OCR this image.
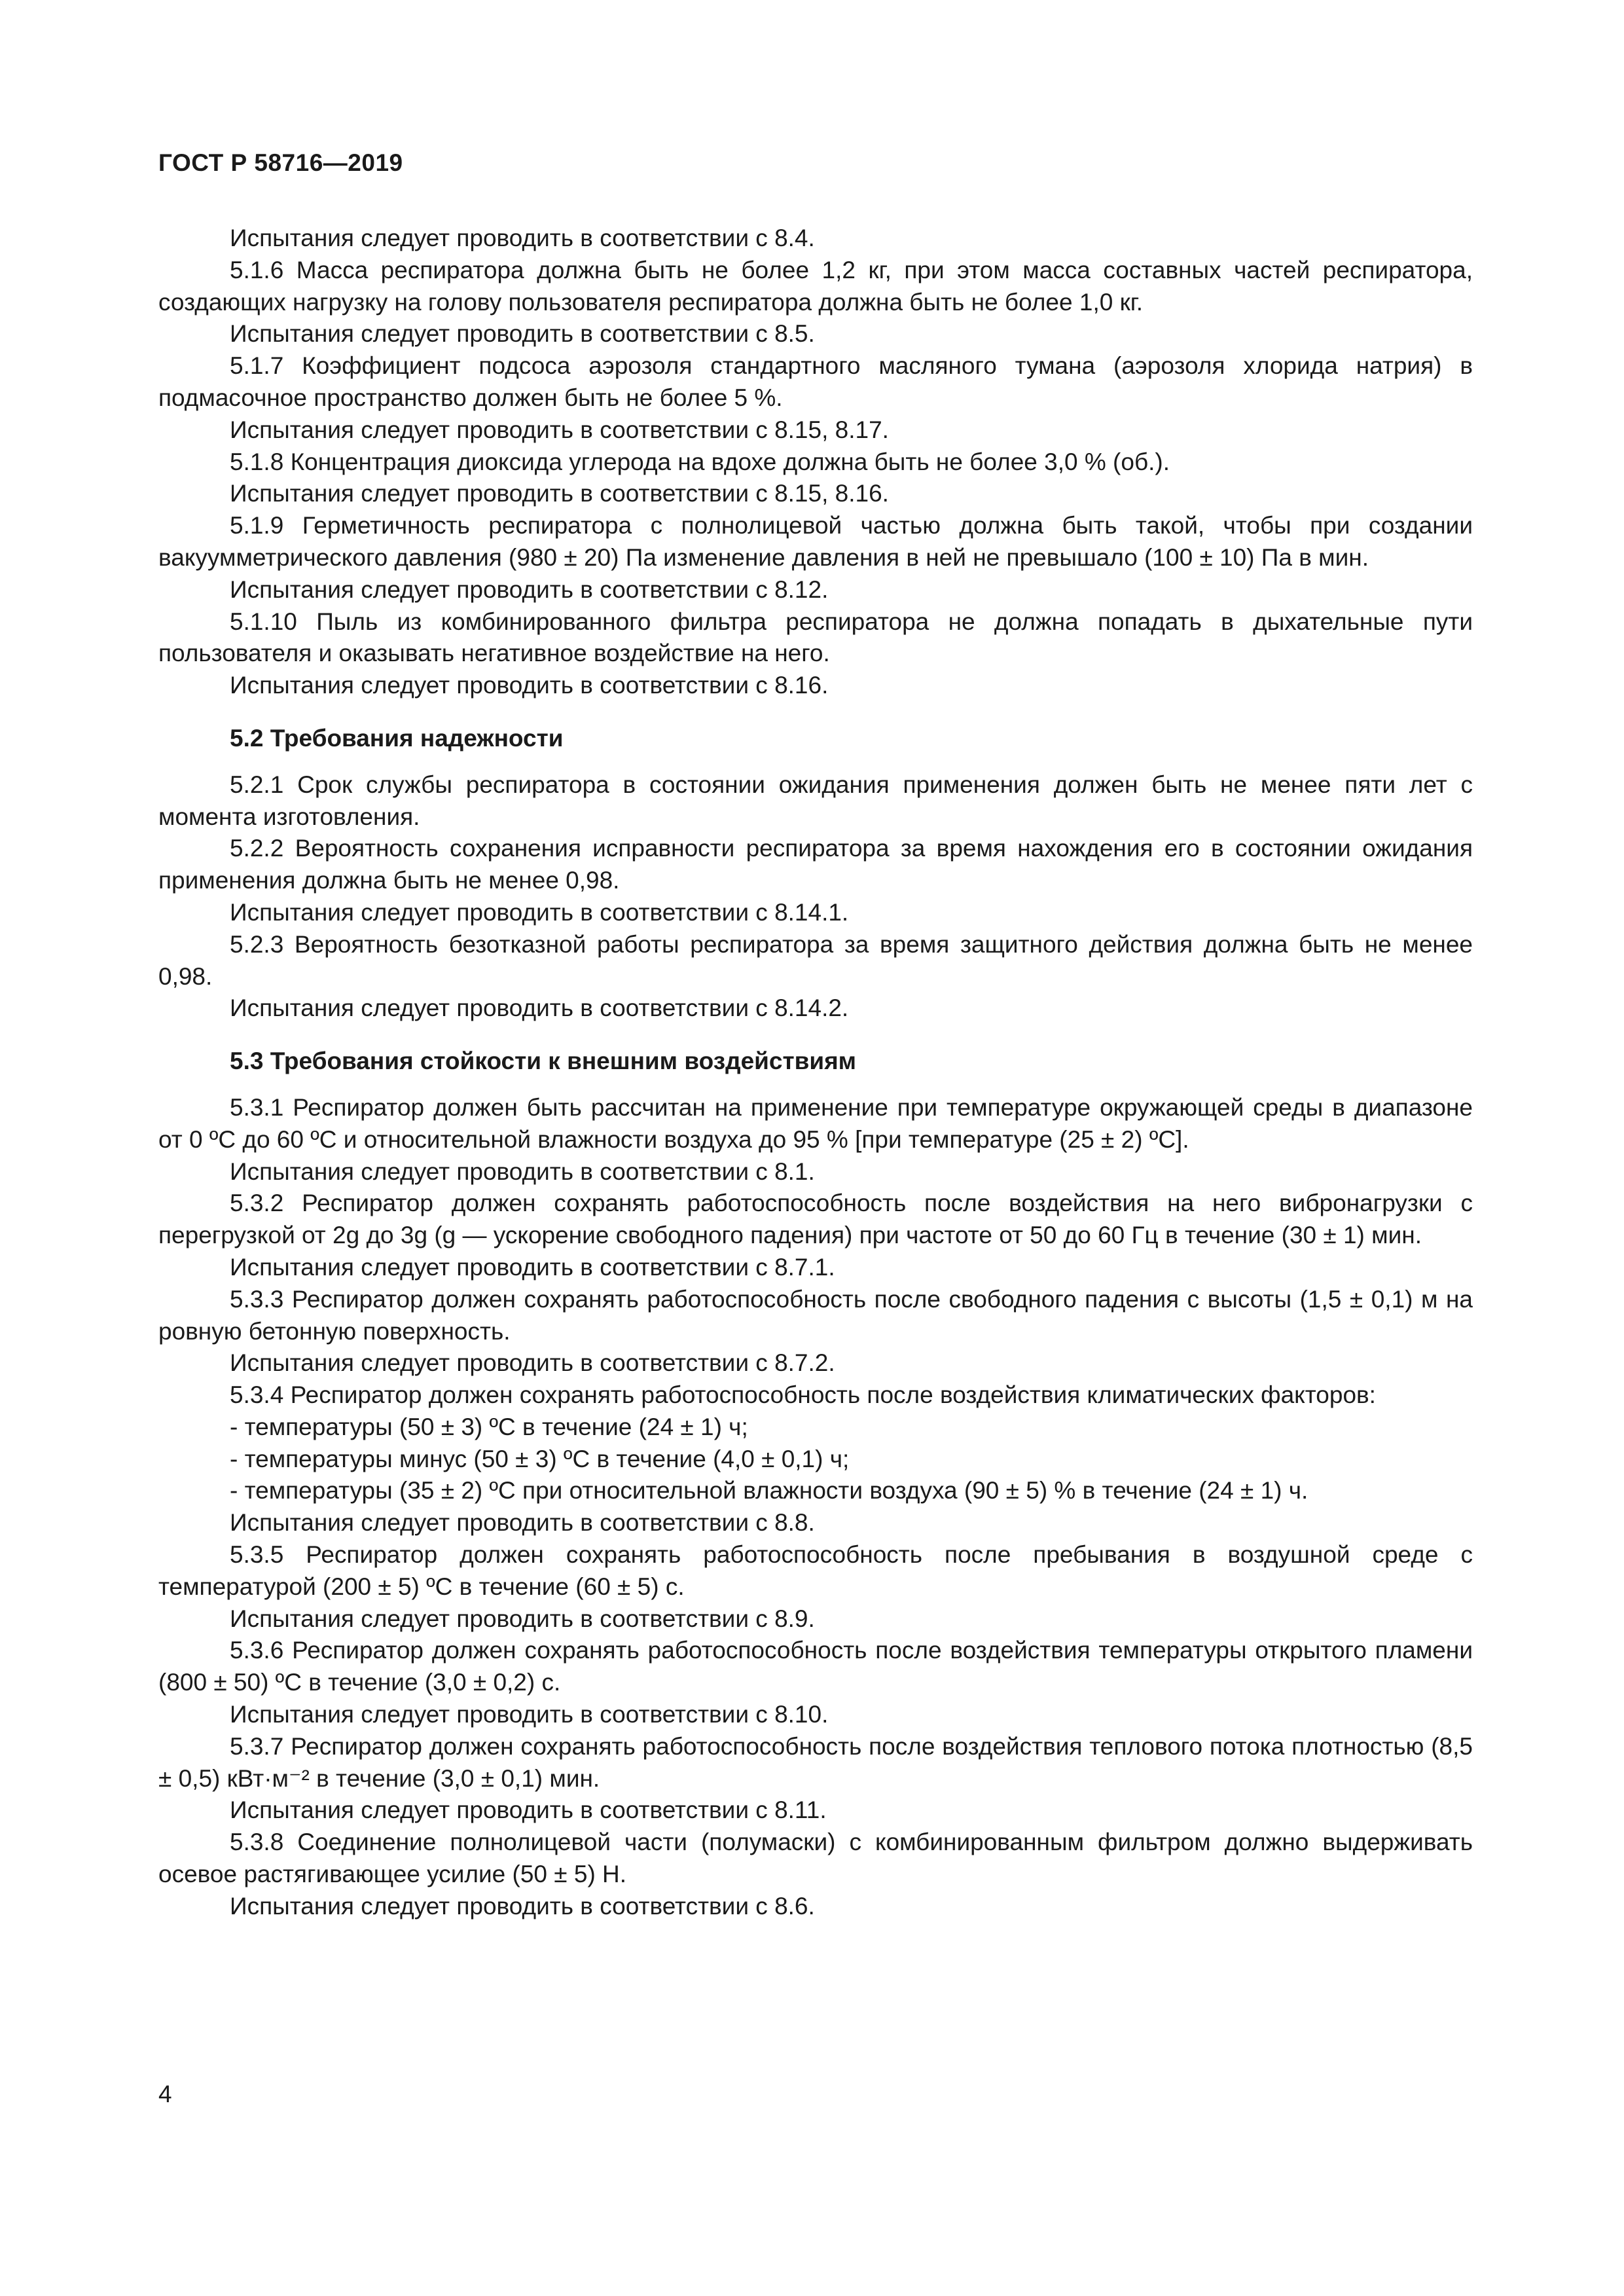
ГОСТ Р 58716—2019

Испытания следует проводить в соответствии с 8.4.

5.1.6 Масса респиратора должна быть не более 1,2 кг, при этом масса составных частей респиратора, создающих нагрузку на голову пользователя респиратора должна быть не более 1,0 кг.

Испытания следует проводить в соответствии с 8.5.

5.1.7 Коэффициент подсоса аэрозоля стандартного масляного тумана (аэрозоля хлорида натрия) в подмасочное пространство должен быть не более 5 %.

Испытания следует проводить в соответствии с 8.15, 8.17.

5.1.8 Концентрация диоксида углерода на вдохе должна быть не более 3,0 % (об.).

Испытания следует проводить в соответствии с 8.15, 8.16.

5.1.9 Герметичность респиратора с полнолицевой частью должна быть такой, чтобы при создании вакуумметрического давления (980 ± 20) Па изменение давления в ней не превышало (100 ± 10) Па в мин.

Испытания следует проводить в соответствии с 8.12.

5.1.10 Пыль из комбинированного фильтра респиратора не должна попадать в дыхательные пути пользователя и оказывать негативное воздействие на него.

Испытания следует проводить в соответствии с 8.16.

5.2 Требования надежности

5.2.1 Срок службы респиратора в состоянии ожидания применения должен быть не менее пяти лет с момента изготовления.

5.2.2 Вероятность сохранения исправности респиратора за время нахождения его в состоянии ожидания применения должна быть не менее 0,98.

Испытания следует проводить в соответствии с 8.14.1.

5.2.3 Вероятность безотказной работы респиратора за время защитного действия должна быть не менее 0,98.

Испытания следует проводить в соответствии с 8.14.2.

5.3 Требования стойкости к внешним воздействиям

5.3.1 Респиратор должен быть рассчитан на применение при температуре окружающей среды в диапазоне от 0 ºС до 60 ºС и относительной влажности воздуха до 95 % [при температуре (25 ± 2) ºС].

Испытания следует проводить в соответствии с 8.1.

5.3.2 Респиратор должен сохранять работоспособность после воздействия на него вибронагрузки с перегрузкой от 2g до 3g (g — ускорение свободного падения) при частоте от 50 до 60 Гц в течение (30 ± 1) мин.

Испытания следует проводить в соответствии с 8.7.1.

5.3.3 Респиратор должен сохранять работоспособность после свободного падения с высоты (1,5 ± 0,1) м на ровную бетонную поверхность.

Испытания следует проводить в соответствии с 8.7.2.

5.3.4 Респиратор должен сохранять работоспособность после воздействия климатических факторов:

- температуры (50 ± 3) ºС в течение (24 ± 1) ч;

- температуры минус (50 ± 3) ºС в течение (4,0 ± 0,1) ч;

- температуры (35 ± 2) ºС при относительной влажности воздуха (90 ± 5) % в течение (24 ± 1) ч.

Испытания следует проводить в соответствии с 8.8.

5.3.5 Респиратор должен сохранять работоспособность после пребывания в воздушной среде с температурой (200 ± 5) ºС в течение (60 ± 5) с.

Испытания следует проводить в соответствии с 8.9.

5.3.6 Респиратор должен сохранять работоспособность после воздействия температуры открытого пламени (800 ± 50) ºС в течение (3,0 ± 0,2) с.

Испытания следует проводить в соответствии с 8.10.

5.3.7 Респиратор должен сохранять работоспособность после воздействия теплового потока плотностью (8,5 ± 0,5) кВт·м⁻² в течение (3,0 ± 0,1) мин.

Испытания следует проводить в соответствии с 8.11.

5.3.8 Соединение полнолицевой части (полумаски) с комбинированным фильтром должно выдерживать осевое растягивающее усилие (50 ± 5) Н.

Испытания следует проводить в соответствии с 8.6.

4
